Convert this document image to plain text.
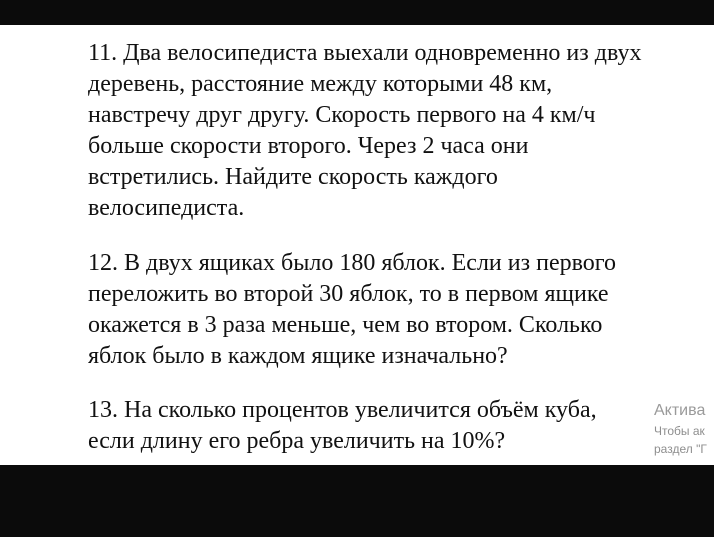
11. Два велосипедиста выехали одновременно из двух
деревень, расстояние между которыми 48 км,
навстречу друг другу. Скорость первого на 4 км/ч
больше скорости второго. Через 2 часа они
встретились. Найдите скорость каждого
велосипедиста.

12. В двух ящиках было 180 яблок. Если из первого
переложить во второй 30 яблок, то в первом ящике
окажется в 3 раза меньше, чем во втором. Сколько
яблок было в каждом ящике изначально?

13. На сколько процентов увеличится объём куба,
если длину его ребра увеличить на 10%?

Актива
Чтобы ак
раздел "Г
